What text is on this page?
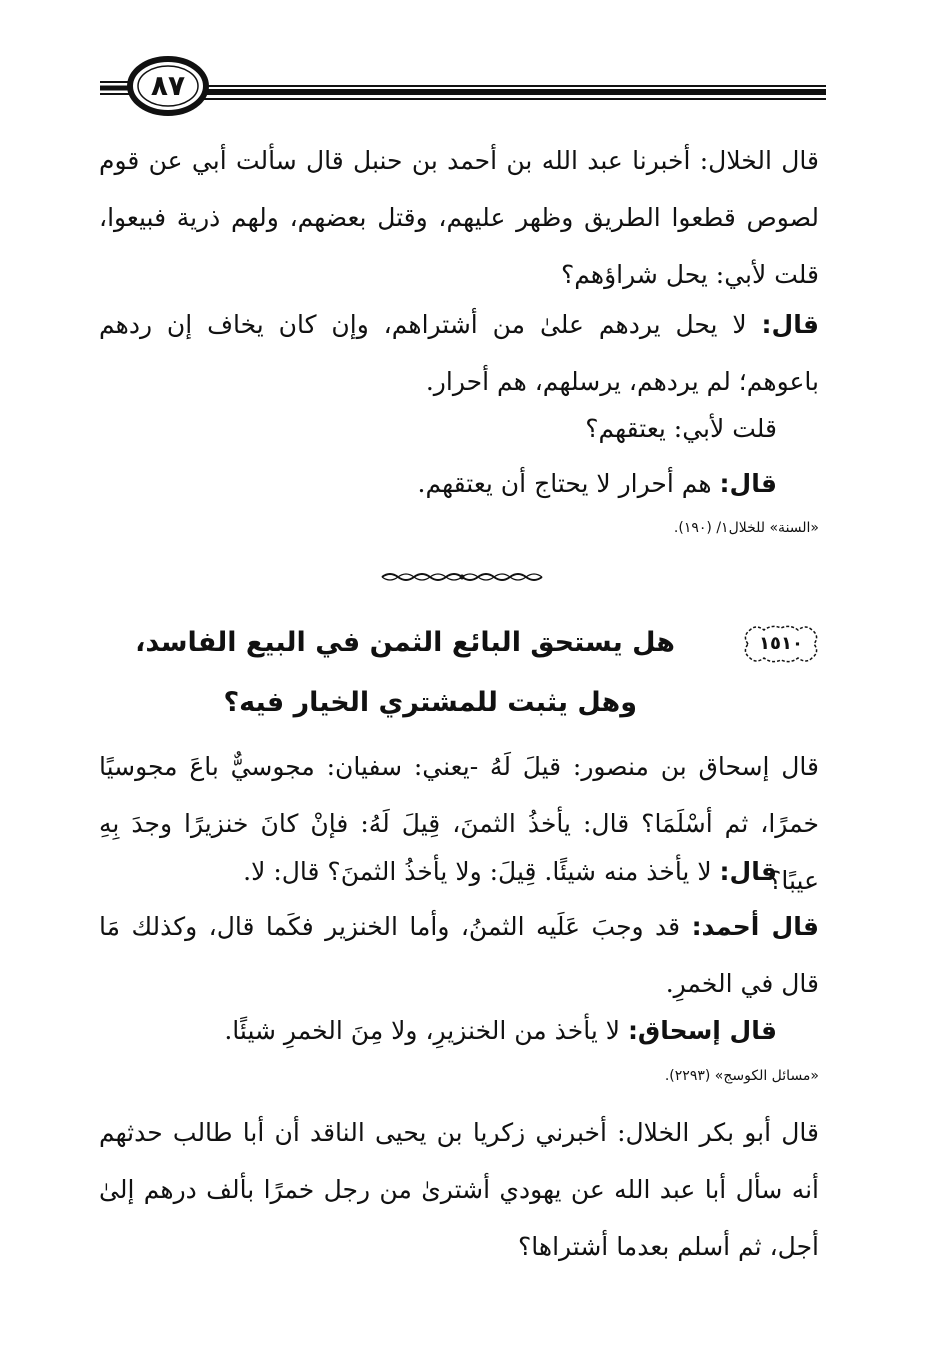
٨٧
قال الخلال: أخبرنا عبد الله بن أحمد بن حنبل قال سألت أبي عن قوم لصوص قطعوا الطريق وظهر عليهم، وقتل بعضهم، ولهم ذرية فبيعوا، قلت لأبي: يحل شراؤهم؟
قال: لا يحل يردهم علىٰ من أشتراهم، وإن كان يخاف إن ردهم باعوهم؛ لم يردهم، يرسلهم، هم أحرار.
قلت لأبي: يعتقهم؟
قال: هم أحرار لا يحتاج أن يعتقهم.
«السنة» للخلال١/ (١٩٠).
١٥١٠
هل يستحق البائع الثمن في البيع الفاسد،
وهل يثبت للمشتري الخيار فيه؟
قال إسحاق بن منصور: قيلَ لَهُ -يعني: سفيان: مجوسيٌّ باعَ مجوسيًا خمرًا، ثم أسْلَمَا؟ قال: يأخذُ الثمنَ، قِيلَ لَهُ: فإنْ كانَ خنزيرًا وجدَ بِهِ عيبًا؟
قال: لا يأخذ منه شيئًا. قِيلَ: ولا يأخذُ الثمنَ؟ قال: لا.
قال أحمد: قد وجبَ عَلَيه الثمنُ، وأما الخنزير فكَما قال، وكذلك مَا قال في الخمرِ.
قال إسحاق: لا يأخذ من الخنزيرِ، ولا مِنَ الخمرِ شيئًا.
«مسائل الكوسج» (٢٢٩٣).
قال أبو بكر الخلال: أخبرني زكريا بن يحيى الناقد أن أبا طالب حدثهم أنه سأل أبا عبد الله عن يهودي أشترىٰ من رجل خمرًا بألف درهم إلىٰ أجل، ثم أسلم بعدما أشتراها؟
